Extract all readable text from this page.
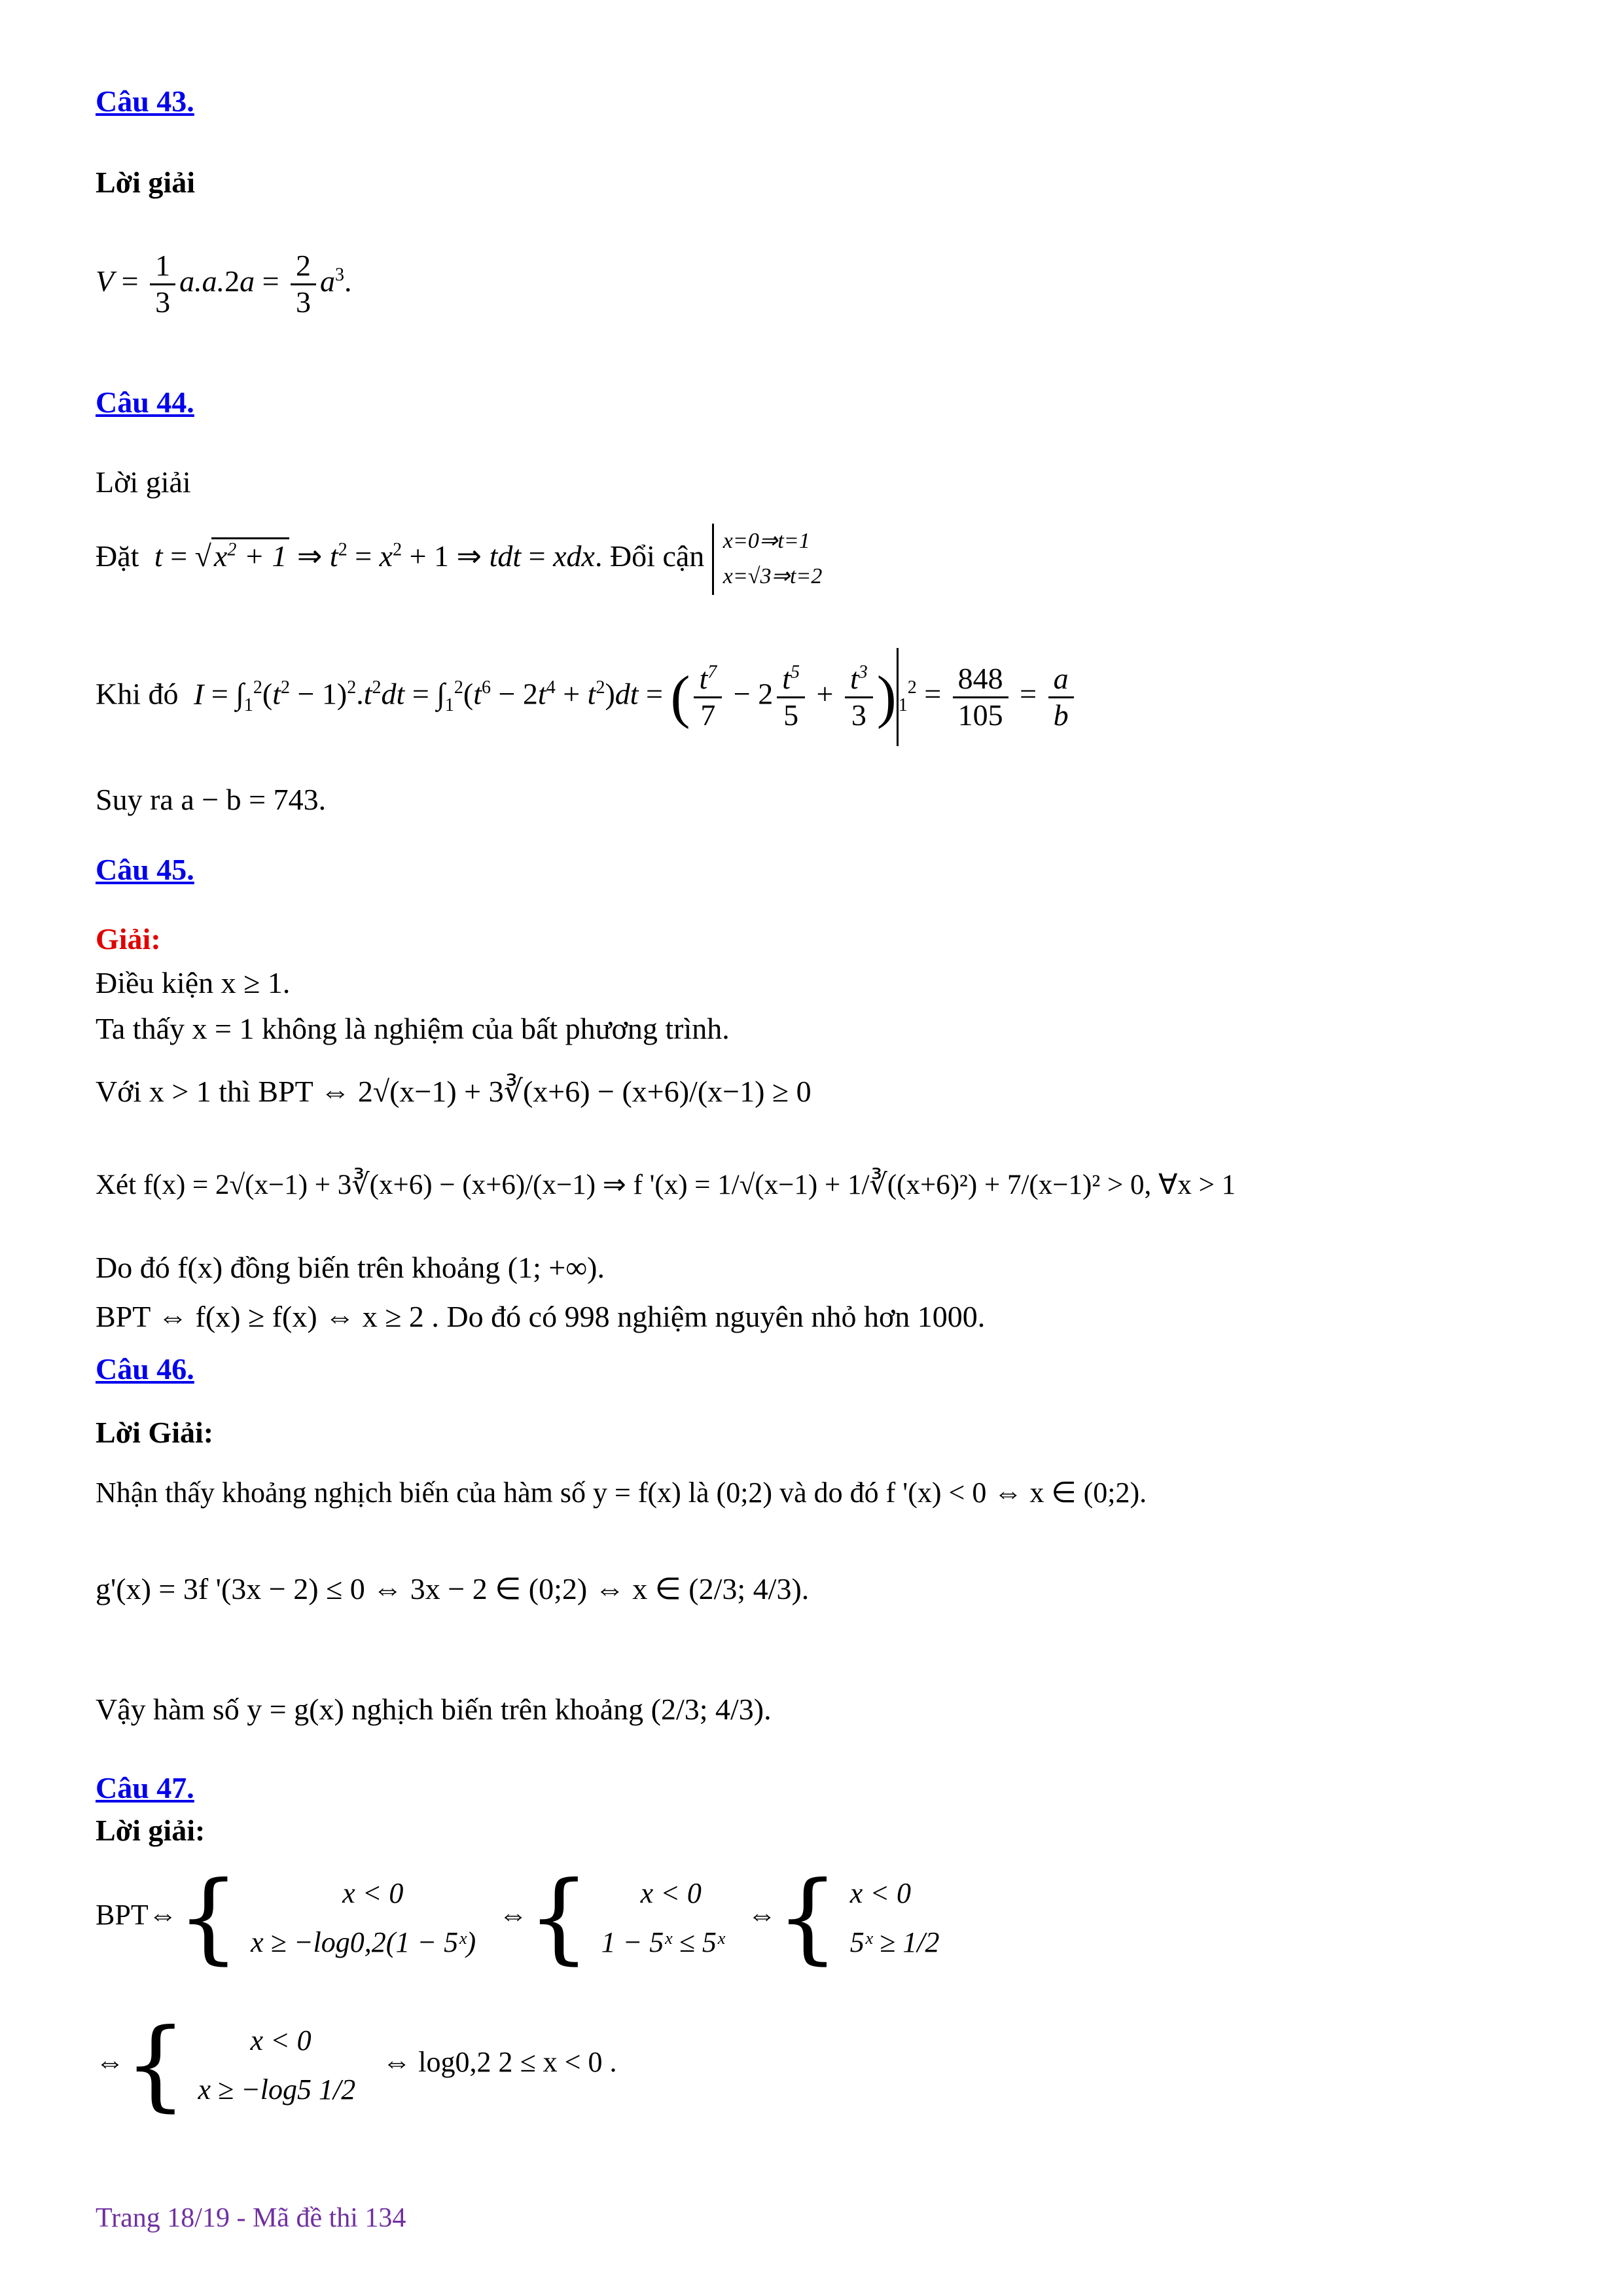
Câu 43.
Lời giải
$V = \frac{1}{3} a.a.2a = \frac{2}{3} a^3$.
Câu 44.
Lời giải
Đặt $t = √x^2 + 1$ ⇒ $t^2 = x^2 + 1$ ⇒ tdt = xdx. Đổi cận x=0⇒t=1
x=√3⇒t=2
Khi đó $I = \int_1^2(t^2 - 1)^2.t^2dt = \int_1^2(t^6 - 2t^4 + t^2)dt$ = ( $\frac{t^7}{7} - 2 \frac{t^5}{5} + \frac{t^3}{3}$ ) $_1^2 = \frac{848}{105} = \frac{a}{b}$
Suy ra a − b = 743.
Câu 45.
Giải:
Điều kiện x ≥ 1.
Ta thấy x = 1 không là nghiệm của bất phương trình.
Với x > 1 thì BPT ⇔ 2√(x−1) + 3∛(x+6) − (x+6)/(x−1) ≥ 0
Xét f(x) = 2√(x−1) + 3∛(x+6) − (x+6)/(x−1) ⇒ f '(x) = 1/√(x−1) + 1/∛((x+6)²) + 7/(x−1)² > 0, ∀x > 1
Do đó f(x) đồng biến trên khoảng (1; +∞).
BPT ⇔ f(x) ≥ f(x) ⇔ x ≥ 2 . Do đó có 998 nghiệm nguyên nhỏ hơn 1000.
Câu 46.
Lời Giải:
Nhận thấy khoảng nghịch biến của hàm số y = f(x) là (0;2) và do đó f '(x) < 0 ⇔ x ∈ (0;2).
g'(x) = 3f '(3x − 2) ≤ 0 ⇔ 3x − 2 ∈ (0;2) ⇔ x ∈ (2/3; 4/3).
Vậy hàm số y = g(x) nghịch biến trên khoảng (2/3; 4/3).
Câu 47.
Lời giải:
BPT⇔{	x < 0
x ≥ −log0,2(1 − 5ˣ)
⇔{	x < 0
1 − 5ˣ ≤ 5ˣ
⇔{ x < 0
5ˣ ≥ 1/2
⇔{	x < 0
x ≥ −log5 1/2
⇔ log0,2 2 ≤ x < 0 .
Trang 18/19 - Mã đề thi 134
